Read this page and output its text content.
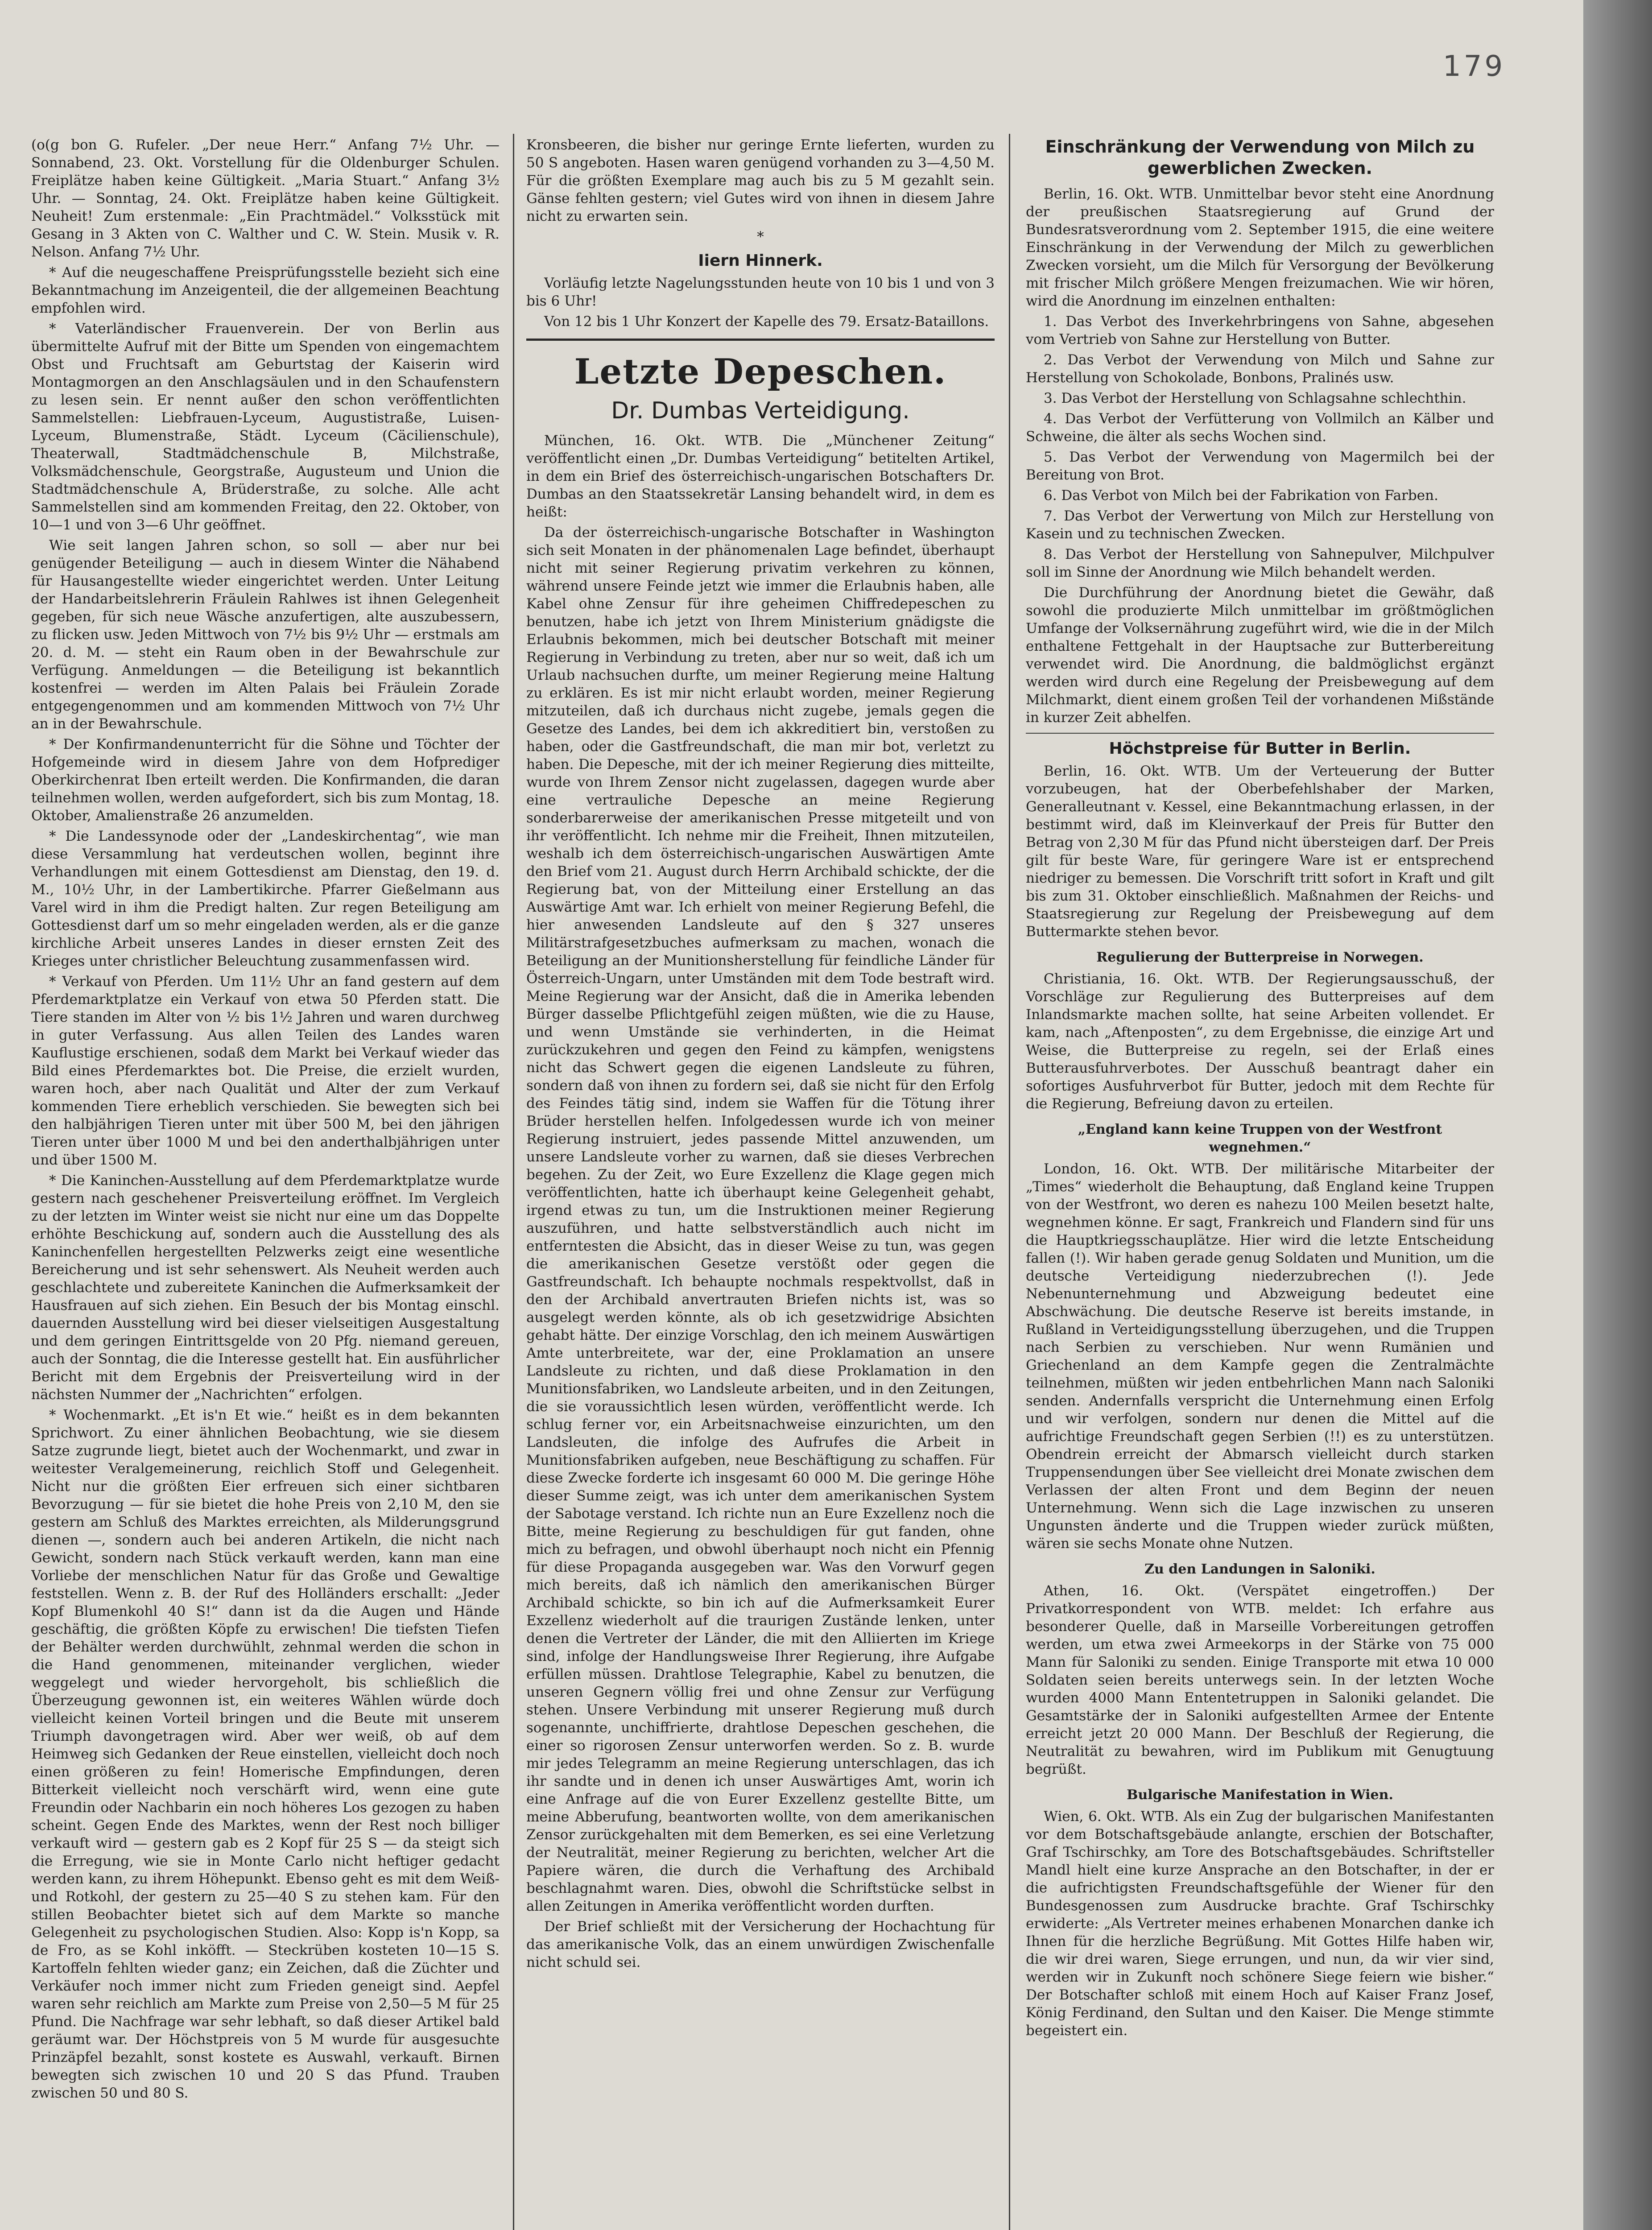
179

(o(g bon G. Rufeler. „Der neue Herr.“ Anfang 7½ Uhr. — Sonnabend, 23. Okt. Vorstellung für die Oldenburger Schulen. Freiplätze haben keine Gültigkeit. „Maria Stuart.“ Anfang 3½ Uhr. — Sonntag, 24. Okt. Freiplätze haben keine Gültigkeit. Neuheit! Zum erstenmale: „Ein Prachtmädel.“ Volksstück mit Gesang in 3 Akten von C. Walther und C. W. Stein. Musik v. R. Nelson. Anfang 7½ Uhr.

* Auf die neugeschaffene Preisprüfungsstelle bezieht sich eine Bekanntmachung im Anzeigenteil, die der allgemeinen Beachtung empfohlen wird.

* Vaterländischer Frauenverein. Der von Berlin aus übermittelte Aufruf mit der Bitte um Spenden von eingemachtem Obst und Fruchtsaft am Geburtstag der Kaiserin wird Montagmorgen an den Anschlagsäulen und in den Schaufenstern zu lesen sein. Er nennt außer den schon veröffentlichten Sammelstellen: Liebfrauen-Lyceum, Augustistraße, Luisen-Lyceum, Blumenstraße, Städt. Lyceum (Cäcilienschule), Theaterwall, Stadtmädchenschule B, Milchstraße, Volksmädchenschule, Georgstraße, Augusteum und Union die Stadtmädchenschule A, Brüderstraße, zu solche. Alle acht Sammelstellen sind am kommenden Freitag, den 22. Oktober, von 10—1 und von 3—6 Uhr geöffnet.

Wie seit langen Jahren schon, so soll — aber nur bei genügender Beteiligung — auch in diesem Winter die Nähabend für Hausangestellte wieder eingerichtet werden. Unter Leitung der Handarbeitslehrerin Fräulein Rahlwes ist ihnen Gelegenheit gegeben, für sich neue Wäsche anzufertigen, alte auszubessern, zu flicken usw. Jeden Mittwoch von 7½ bis 9½ Uhr — erstmals am 20. d. M. — steht ein Raum oben in der Bewahrschule zur Verfügung. Anmeldungen — die Beteiligung ist bekanntlich kostenfrei — werden im Alten Palais bei Fräulein Zorade entgegengenommen und am kommenden Mittwoch von 7½ Uhr an in der Bewahrschule.

* Der Konfirmandenunterricht für die Söhne und Töchter der Hofgemeinde wird in diesem Jahre von dem Hofprediger Oberkirchenrat Iben erteilt werden. Die Konfirmanden, die daran teilnehmen wollen, werden aufgefordert, sich bis zum Montag, 18. Oktober, Amalienstraße 26 anzumelden.

* Die Landessynode oder der „Landeskirchentag“, wie man diese Versammlung hat verdeutschen wollen, beginnt ihre Verhandlungen mit einem Gottesdienst am Dienstag, den 19. d. M., 10½ Uhr, in der Lambertikirche. Pfarrer Gießelmann aus Varel wird in ihm die Predigt halten. Zur regen Beteiligung am Gottesdienst darf um so mehr eingeladen werden, als er die ganze kirchliche Arbeit unseres Landes in dieser ernsten Zeit des Krieges unter christlicher Beleuchtung zusammenfassen wird.

* Verkauf von Pferden. Um 11½ Uhr an fand gestern auf dem Pferdemarktplatze ein Verkauf von etwa 50 Pferden statt. Die Tiere standen im Alter von ½ bis 1½ Jahren und waren durchweg in guter Verfassung. Aus allen Teilen des Landes waren Kauflustige erschienen, sodaß dem Markt bei Verkauf wieder das Bild eines Pferdemarktes bot. Die Preise, die erzielt wurden, waren hoch, aber nach Qualität und Alter der zum Verkauf kommenden Tiere erheblich verschieden. Sie bewegten sich bei den halbjährigen Tieren unter mit über 500 M, bei den jährigen Tieren unter über 1000 M und bei den anderthalbjährigen unter und über 1500 M.

* Die Kaninchen-Ausstellung auf dem Pferdemarktplatze wurde gestern nach geschehener Preisverteilung eröffnet. Im Vergleich zu der letzten im Winter weist sie nicht nur eine um das Doppelte erhöhte Beschickung auf, sondern auch die Ausstellung des als Kaninchenfellen hergestellten Pelzwerks zeigt eine wesentliche Bereicherung und ist sehr sehenswert. Als Neuheit werden auch geschlachtete und zubereitete Kaninchen die Aufmerksamkeit der Hausfrauen auf sich ziehen. Ein Besuch der bis Montag einschl. dauernden Ausstellung wird bei dieser vielseitigen Ausgestaltung und dem geringen Eintrittsgelde von 20 Pfg. niemand gereuen, auch der Sonntag, die die Interesse gestellt hat. Ein ausführlicher Bericht mit dem Ergebnis der Preisverteilung wird in der nächsten Nummer der „Nachrichten“ erfolgen.

* Wochenmarkt. „Et is'n Et wie.“ heißt es in dem bekannten Sprichwort. Zu einer ähnlichen Beobachtung, wie sie diesem Satze zugrunde liegt, bietet auch der Wochenmarkt, und zwar in weitester Veralgemeinerung, reichlich Stoff und Gelegenheit. Nicht nur die größten Eier erfreuen sich einer sichtbaren Bevorzugung — für sie bietet die hohe Preis von 2,10 M, den sie gestern am Schluß des Marktes erreichten, als Milderungsgrund dienen —, sondern auch bei anderen Artikeln, die nicht nach Gewicht, sondern nach Stück verkauft werden, kann man eine Vorliebe der menschlichen Natur für das Große und Gewaltige feststellen. Wenn z. B. der Ruf des Holländers erschallt: „Jeder Kopf Blumenkohl 40 S!“ dann ist da die Augen und Hände geschäftig, die größten Köpfe zu erwischen! Die tiefsten Tiefen der Behälter werden durchwühlt, zehnmal werden die schon in die Hand genommenen, miteinander verglichen, wieder weggelegt und wieder hervorgeholt, bis schließlich die Überzeugung gewonnen ist, ein weiteres Wählen würde doch vielleicht keinen Vorteil bringen und die Beute mit unserem Triumph davongetragen wird. Aber wer weiß, ob auf dem Heimweg sich Gedanken der Reue einstellen, vielleicht doch noch einen größeren zu fein! Homerische Empfindungen, deren Bitterkeit vielleicht noch verschärft wird, wenn eine gute Freundin oder Nachbarin ein noch höheres Los gezogen zu haben scheint. Gegen Ende des Marktes, wenn der Rest noch billiger verkauft wird — gestern gab es 2 Kopf für 25 S — da steigt sich die Erregung, wie sie in Monte Carlo nicht heftiger gedacht werden kann, zu ihrem Höhepunkt. Ebenso geht es mit dem Weiß- und Rotkohl, der gestern zu 25—40 S zu stehen kam. Für den stillen Beobachter bietet sich auf dem Markte so manche Gelegenheit zu psychologischen Studien. Also: Kopp is'n Kopp, sa de Fro, as se Kohl inköfft. — Steckrüben kosteten 10—15 S. Kartoffeln fehlten wieder ganz; ein Zeichen, daß die Züchter und Verkäufer noch immer nicht zum Frieden geneigt sind. Aepfel waren sehr reichlich am Markte zum Preise von 2,50—5 M für 25 Pfund. Die Nachfrage war sehr lebhaft, so daß dieser Artikel bald geräumt war. Der Höchstpreis von 5 M wurde für ausgesuchte Prinzäpfel bezahlt, sonst kostete es Auswahl, verkauft. Birnen bewegten sich zwischen 10 und 20 S das Pfund. Trauben zwischen 50 und 80 S.

Kronsbeeren, die bisher nur geringe Ernte lieferten, wurden zu 50 S angeboten. Hasen waren genügend vorhanden zu 3—4,50 M. Für die größten Exemplare mag auch bis zu 5 M gezahlt sein. Gänse fehlten gestern; viel Gutes wird von ihnen in diesem Jahre nicht zu erwarten sein.

*

Iiern Hinnerk.

Vorläufig letzte Nagelungsstunden heute von 10 bis 1 und von 3 bis 6 Uhr!

Von 12 bis 1 Uhr Konzert der Kapelle des 79. Ersatz-Bataillons.

Letzte Depeschen.
Dr. Dumbas Verteidigung.

München, 16. Okt. WTB. Die „Münchener Zeitung“ veröffentlicht einen „Dr. Dumbas Verteidigung“ betitelten Artikel, in dem ein Brief des österreichisch-ungarischen Botschafters Dr. Dumbas an den Staatssekretär Lansing behandelt wird, in dem es heißt:

Da der österreichisch-ungarische Botschafter in Washington sich seit Monaten in der phänomenalen Lage befindet, überhaupt nicht mit seiner Regierung privatim verkehren zu können, während unsere Feinde jetzt wie immer die Erlaubnis haben, alle Kabel ohne Zensur für ihre geheimen Chiffredepeschen zu benutzen, habe ich jetzt von Ihrem Ministerium gnädigste die Erlaubnis bekommen, mich bei deutscher Botschaft mit meiner Regierung in Verbindung zu treten, aber nur so weit, daß ich um Urlaub nachsuchen durfte, um meiner Regierung meine Haltung zu erklären. Es ist mir nicht erlaubt worden, meiner Regierung mitzuteilen, daß ich durchaus nicht zugebe, jemals gegen die Gesetze des Landes, bei dem ich akkreditiert bin, verstoßen zu haben, oder die Gastfreundschaft, die man mir bot, verletzt zu haben. Die Depesche, mit der ich meiner Regierung dies mitteilte, wurde von Ihrem Zensor nicht zugelassen, dagegen wurde aber eine vertrauliche Depesche an meine Regierung sonderbarerweise der amerikanischen Presse mitgeteilt und von ihr veröffentlicht. Ich nehme mir die Freiheit, Ihnen mitzuteilen, weshalb ich dem österreichisch-ungarischen Auswärtigen Amte den Brief vom 21. August durch Herrn Archibald schickte, der die Regierung bat, von der Mitteilung einer Erstellung an das Auswärtige Amt war. Ich erhielt von meiner Regierung Befehl, die hier anwesenden Landsleute auf den § 327 unseres Militärstrafgesetzbuches aufmerksam zu machen, wonach die Beteiligung an der Munitionsherstellung für feindliche Länder für Österreich-Ungarn, unter Umständen mit dem Tode bestraft wird. Meine Regierung war der Ansicht, daß die in Amerika lebenden Bürger dasselbe Pflichtgefühl zeigen müßten, wie die zu Hause, und wenn Umstände sie verhinderten, in die Heimat zurückzukehren und gegen den Feind zu kämpfen, wenigstens nicht das Schwert gegen die eigenen Landsleute zu führen, sondern daß von ihnen zu fordern sei, daß sie nicht für den Erfolg des Feindes tätig sind, indem sie Waffen für die Tötung ihrer Brüder herstellen helfen. Infolgedessen wurde ich von meiner Regierung instruiert, jedes passende Mittel anzuwenden, um unsere Landsleute vorher zu warnen, daß sie dieses Verbrechen begehen. Zu der Zeit, wo Eure Exzellenz die Klage gegen mich veröffentlichten, hatte ich überhaupt keine Gelegenheit gehabt, irgend etwas zu tun, um die Instruktionen meiner Regierung auszuführen, und hatte selbstverständlich auch nicht im entferntesten die Absicht, das in dieser Weise zu tun, was gegen die amerikanischen Gesetze verstößt oder gegen die Gastfreundschaft. Ich behaupte nochmals respektvollst, daß in den der Archibald anvertrauten Briefen nichts ist, was so ausgelegt werden könnte, als ob ich gesetzwidrige Absichten gehabt hätte. Der einzige Vorschlag, den ich meinem Auswärtigen Amte unterbreitete, war der, eine Proklamation an unsere Landsleute zu richten, und daß diese Proklamation in den Munitionsfabriken, wo Landsleute arbeiten, und in den Zeitungen, die sie voraussichtlich lesen würden, veröffentlicht werde. Ich schlug ferner vor, ein Arbeitsnachweise einzurichten, um den Landsleuten, die infolge des Aufrufes die Arbeit in Munitionsfabriken aufgeben, neue Beschäftigung zu schaffen. Für diese Zwecke forderte ich insgesamt 60 000 M. Die geringe Höhe dieser Summe zeigt, was ich unter dem amerikanischen System der Sabotage verstand. Ich richte nun an Eure Exzellenz noch die Bitte, meine Regierung zu beschuldigen für gut fanden, ohne mich zu befragen, und obwohl überhaupt noch nicht ein Pfennig für diese Propaganda ausgegeben war. Was den Vorwurf gegen mich bereits, daß ich nämlich den amerikanischen Bürger Archibald schickte, so bin ich auf die Aufmerksamkeit Eurer Exzellenz wiederholt auf die traurigen Zustände lenken, unter denen die Vertreter der Länder, die mit den Alliierten im Kriege sind, infolge der Handlungsweise Ihrer Regierung, ihre Aufgabe erfüllen müssen. Drahtlose Telegraphie, Kabel zu benutzen, die unseren Gegnern völlig frei und ohne Zensur zur Verfügung stehen. Unsere Verbindung mit unserer Regierung muß durch sogenannte, unchiffrierte, drahtlose Depeschen geschehen, die einer so rigorosen Zensur unterworfen werden. So z. B. wurde mir jedes Telegramm an meine Regierung unterschlagen, das ich ihr sandte und in denen ich unser Auswärtiges Amt, worin ich eine Anfrage auf die von Eurer Exzellenz gestellte Bitte, um meine Abberufung, beantworten wollte, von dem amerikanischen Zensor zurückgehalten mit dem Bemerken, es sei eine Verletzung der Neutralität, meiner Regierung zu berichten, welcher Art die Papiere wären, die durch die Verhaftung des Archibald beschlagnahmt waren. Dies, obwohl die Schriftstücke selbst in allen Zeitungen in Amerika veröffentlicht worden durften.

Der Brief schließt mit der Versicherung der Hochachtung für das amerikanische Volk, das an einem unwürdigen Zwischenfalle nicht schuld sei.

Einschränkung der Verwendung von Milch zu gewerblichen Zwecken.

Berlin, 16. Okt. WTB. Unmittelbar bevor steht eine Anordnung der preußischen Staatsregierung auf Grund der Bundesratsverordnung vom 2. September 1915, die eine weitere Einschränkung in der Verwendung der Milch zu gewerblichen Zwecken vorsieht, um die Milch für Versorgung der Bevölkerung mit frischer Milch größere Mengen freizumachen. Wie wir hören, wird die Anordnung im einzelnen enthalten:

1. Das Verbot des Inverkehrbringens von Sahne, abgesehen vom Vertrieb von Sahne zur Herstellung von Butter.

2. Das Verbot der Verwendung von Milch und Sahne zur Herstellung von Schokolade, Bonbons, Pralinés usw.

3. Das Verbot der Herstellung von Schlagsahne schlechthin.

4. Das Verbot der Verfütterung von Vollmilch an Kälber und Schweine, die älter als sechs Wochen sind.

5. Das Verbot der Verwendung von Magermilch bei der Bereitung von Brot.

6. Das Verbot von Milch bei der Fabrikation von Farben.

7. Das Verbot der Verwertung von Milch zur Herstellung von Kasein und zu technischen Zwecken.

8. Das Verbot der Herstellung von Sahnepulver, Milchpulver soll im Sinne der Anordnung wie Milch behandelt werden.

Die Durchführung der Anordnung bietet die Gewähr, daß sowohl die produzierte Milch unmittelbar im größtmöglichen Umfange der Volksernährung zugeführt wird, wie die in der Milch enthaltene Fettgehalt in der Hauptsache zur Butterbereitung verwendet wird. Die Anordnung, die baldmöglichst ergänzt werden wird durch eine Regelung der Preisbewegung auf dem Milchmarkt, dient einem großen Teil der vorhandenen Mißstände in kurzer Zeit abhelfen.

Höchstpreise für Butter in Berlin.

Berlin, 16. Okt. WTB. Um der Verteuerung der Butter vorzubeugen, hat der Oberbefehlshaber der Marken, Generalleutnant v. Kessel, eine Bekanntmachung erlassen, in der bestimmt wird, daß im Kleinverkauf der Preis für Butter den Betrag von 2,30 M für das Pfund nicht übersteigen darf. Der Preis gilt für beste Ware, für geringere Ware ist er entsprechend niedriger zu bemessen. Die Vorschrift tritt sofort in Kraft und gilt bis zum 31. Oktober einschließlich. Maßnahmen der Reichs- und Staatsregierung zur Regelung der Preisbewegung auf dem Buttermarkte stehen bevor.

Regulierung der Butterpreise in Norwegen.

Christiania, 16. Okt. WTB. Der Regierungsausschuß, der Vorschläge zur Regulierung des Butterpreises auf dem Inlandsmarkte machen sollte, hat seine Arbeiten vollendet. Er kam, nach „Aftenposten“, zu dem Ergebnisse, die einzige Art und Weise, die Butterpreise zu regeln, sei der Erlaß eines Butterausfuhrverbotes. Der Ausschuß beantragt daher ein sofortiges Ausfuhrverbot für Butter, jedoch mit dem Rechte für die Regierung, Befreiung davon zu erteilen.

„England kann keine Truppen von der Westfront wegnehmen.“

London, 16. Okt. WTB. Der militärische Mitarbeiter der „Times“ wiederholt die Behauptung, daß England keine Truppen von der Westfront, wo deren es nahezu 100 Meilen besetzt halte, wegnehmen könne. Er sagt, Frankreich und Flandern sind für uns die Hauptkriegsschauplätze. Hier wird die letzte Entscheidung fallen (!). Wir haben gerade genug Soldaten und Munition, um die deutsche Verteidigung niederzubrechen (!). Jede Nebenunternehmung und Abzweigung bedeutet eine Abschwächung. Die deutsche Reserve ist bereits imstande, in Rußland in Verteidigungsstellung überzugehen, und die Truppen nach Serbien zu verschieben. Nur wenn Rumänien und Griechenland an dem Kampfe gegen die Zentralmächte teilnehmen, müßten wir jeden entbehrlichen Mann nach Saloniki senden. Andernfalls verspricht die Unternehmung einen Erfolg und wir verfolgen, sondern nur denen die Mittel auf die aufrichtige Freundschaft gegen Serbien (!!) es zu unterstützen. Obendrein erreicht der Abmarsch vielleicht durch starken Truppensendungen über See vielleicht drei Monate zwischen dem Verlassen der alten Front und dem Beginn der neuen Unternehmung. Wenn sich die Lage inzwischen zu unseren Ungunsten änderte und die Truppen wieder zurück müßten, wären sie sechs Monate ohne Nutzen.

Zu den Landungen in Saloniki.

Athen, 16. Okt. (Verspätet eingetroffen.) Der Privatkorrespondent von WTB. meldet: Ich erfahre aus besonderer Quelle, daß in Marseille Vorbereitungen getroffen werden, um etwa zwei Armeekorps in der Stärke von 75 000 Mann für Saloniki zu senden. Einige Transporte mit etwa 10 000 Soldaten seien bereits unterwegs sein. In der letzten Woche wurden 4000 Mann Ententetruppen in Saloniki gelandet. Die Gesamtstärke der in Saloniki aufgestellten Armee der Entente erreicht jetzt 20 000 Mann. Der Beschluß der Regierung, die Neutralität zu bewahren, wird im Publikum mit Genugtuung begrüßt.

Bulgarische Manifestation in Wien.

Wien, 6. Okt. WTB. Als ein Zug der bulgarischen Manifestanten vor dem Botschaftsgebäude anlangte, erschien der Botschafter, Graf Tschirschky, am Tore des Botschaftsgebäudes. Schriftsteller Mandl hielt eine kurze Ansprache an den Botschafter, in der er die aufrichtigsten Freundschaftsgefühle der Wiener für den Bundesgenossen zum Ausdrucke brachte. Graf Tschirschky erwiderte: „Als Vertreter meines erhabenen Monarchen danke ich Ihnen für die herzliche Begrüßung. Mit Gottes Hilfe haben wir, die wir drei waren, Siege errungen, und nun, da wir vier sind, werden wir in Zukunft noch schönere Siege feiern wie bisher.“ Der Botschafter schloß mit einem Hoch auf Kaiser Franz Josef, König Ferdinand, den Sultan und den Kaiser. Die Menge stimmte begeistert ein.
